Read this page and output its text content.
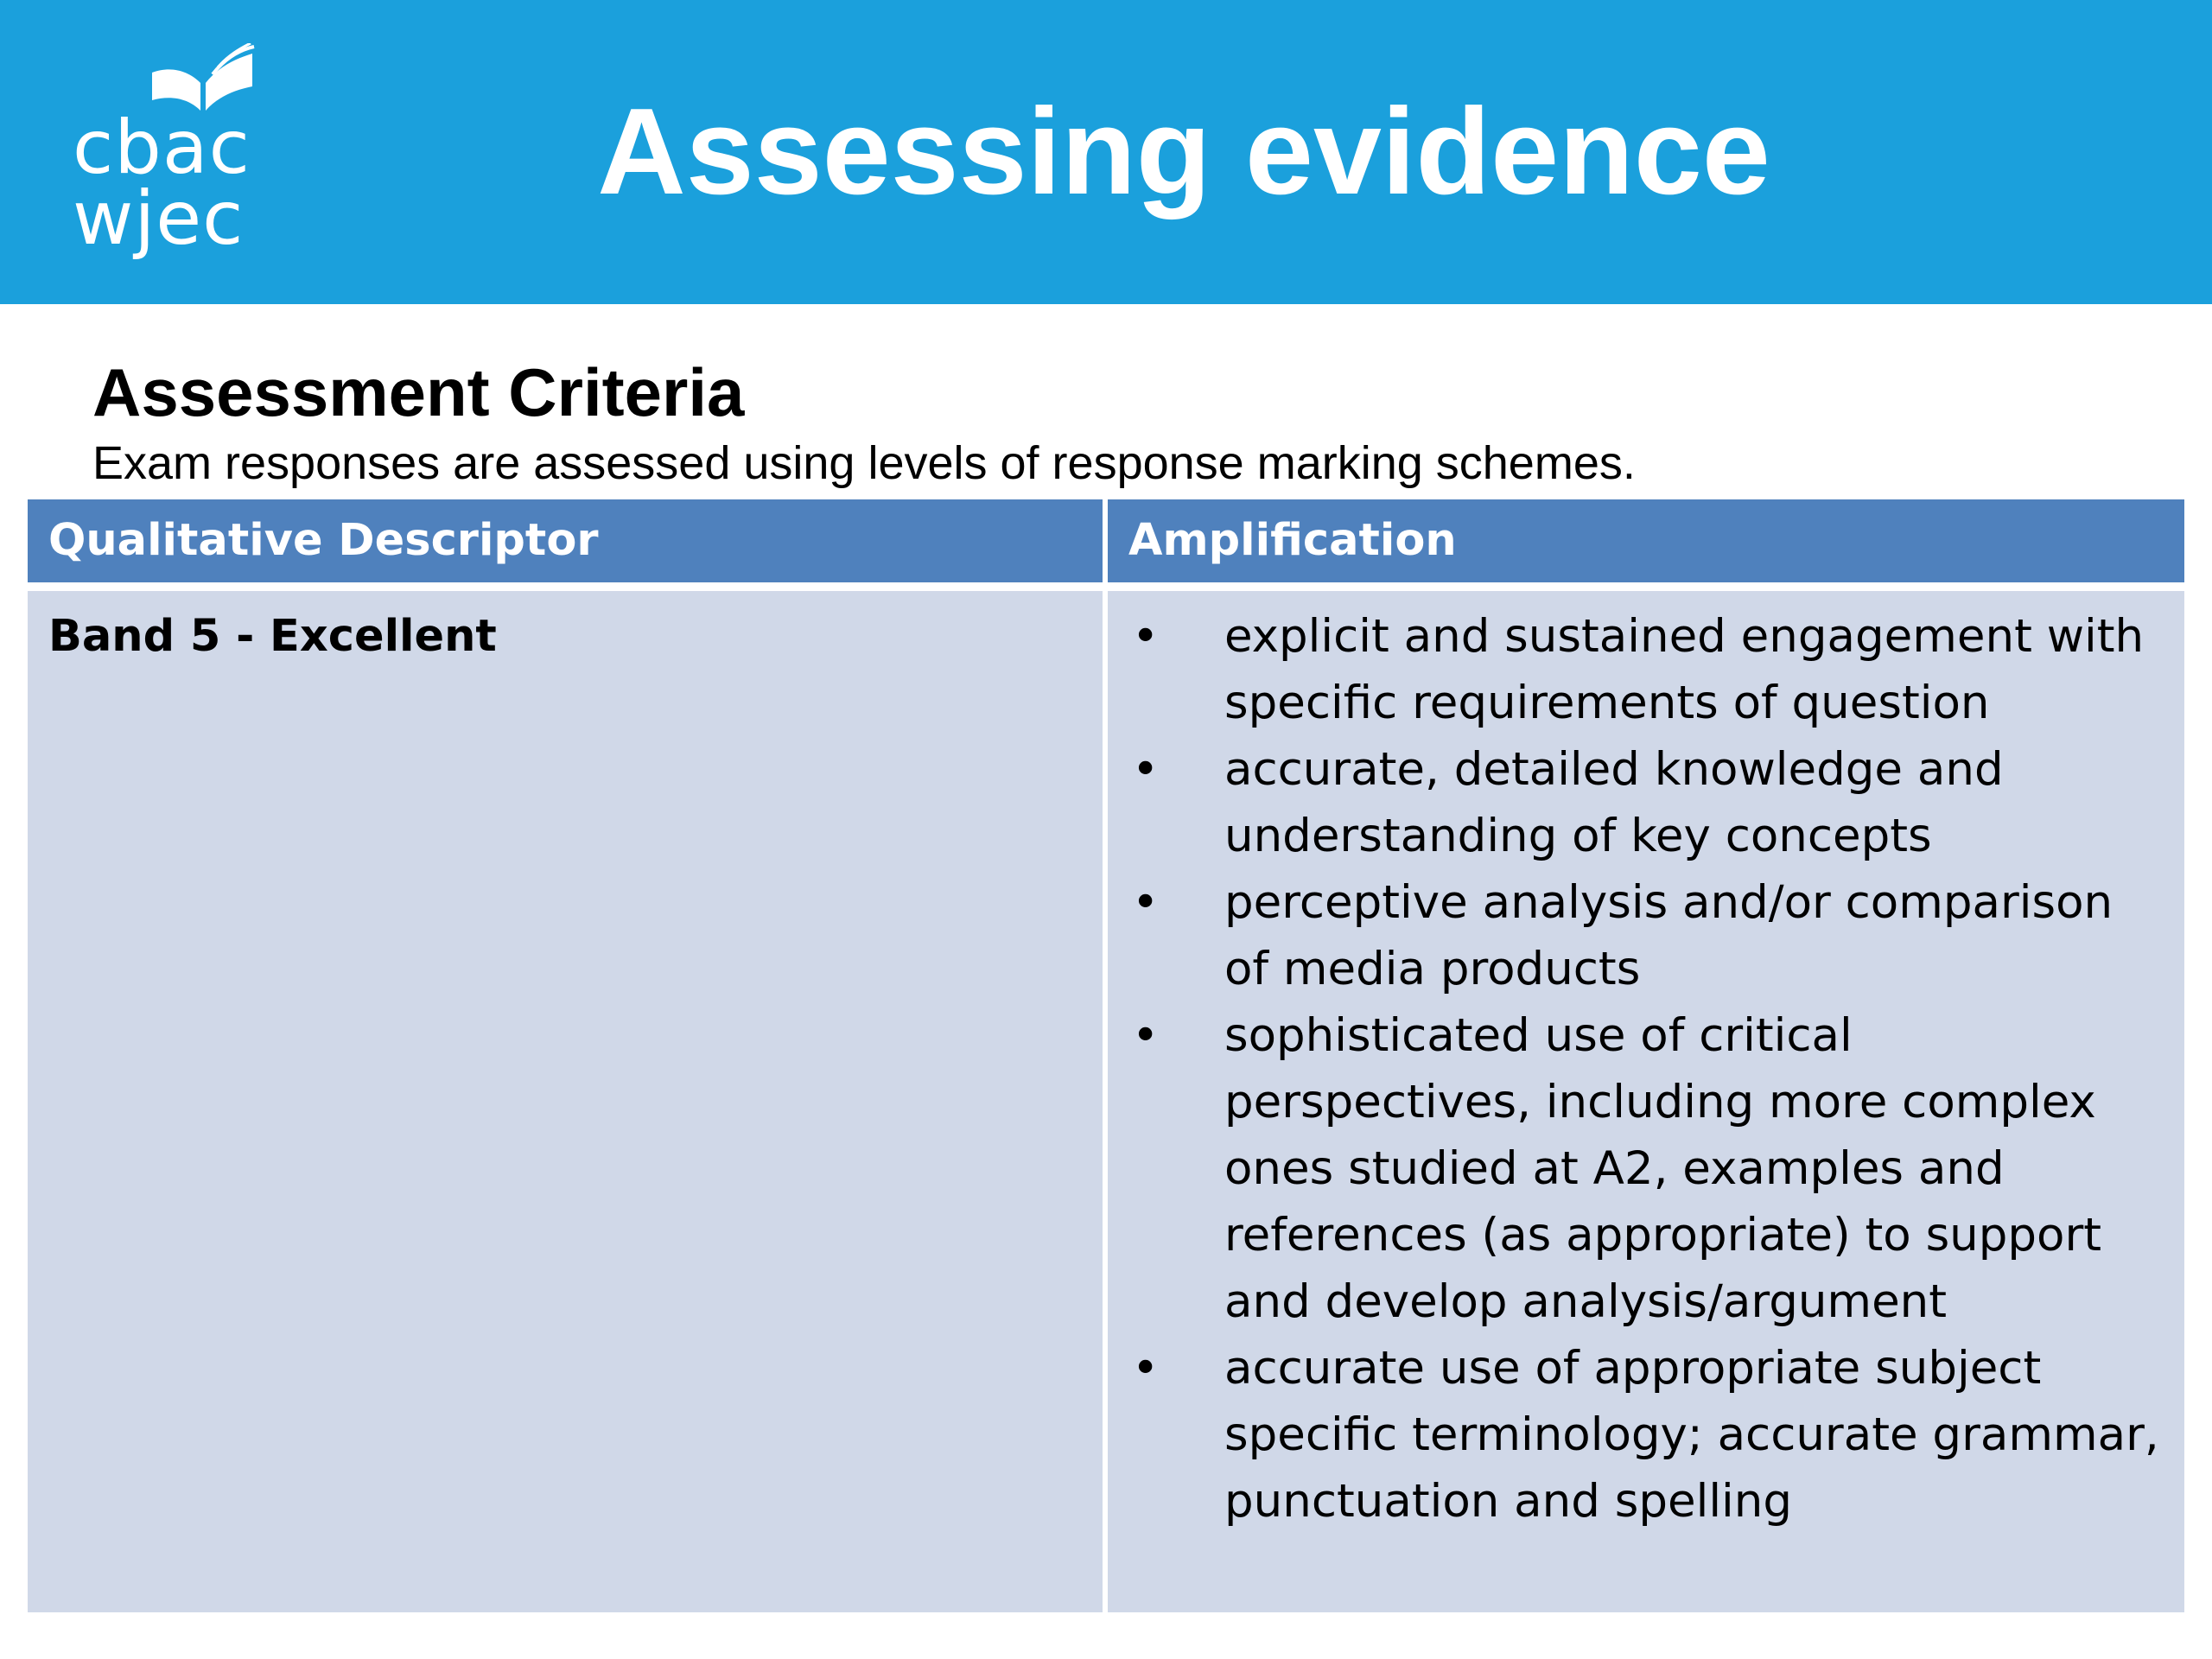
cbac
wjec	Assessing evidence
Assessment Criteria
Exam responses are assessed using levels of response marking schemes.
Qualitative Descriptor	Amplification
Band 5 - Excellent	• explicit and sustained engagement with specific requirements of question
• accurate, detailed knowledge and understanding of key concepts
• perceptive analysis and/or comparison of media products
• sophisticated use of critical perspectives, including more complex ones studied at A2, examples and references (as appropriate) to support and develop analysis/argument
• accurate use of appropriate subject specific terminology; accurate grammar, punctuation and spelling
